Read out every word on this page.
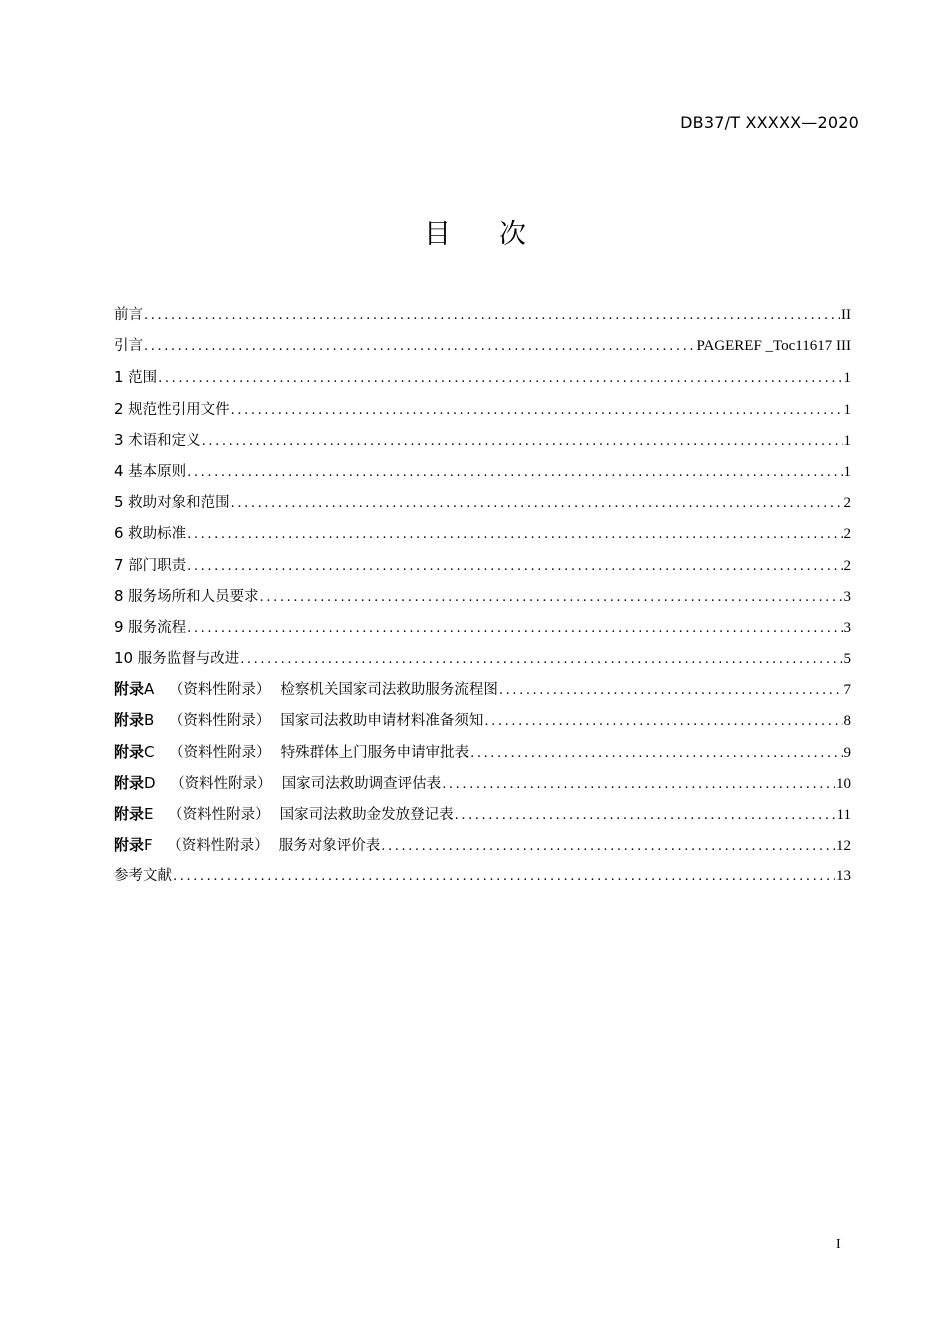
DB37/T XXXXX—2020
目 次
前言 .....	II
引言 .....	PAGEREF _Toc11617 III
1 范围 .....	1
2 规范性引用文件 .....	1
3 术语和定义 .....	1
4 基本原则 .....	1
5 救助对象和范围 .....	2
6 救助标准 .....	2
7 部门职责 .....	2
8 服务场所和人员要求 .....	3
9 服务流程 .....	3
10 服务监督与改进 .....	5
附录A （资料性附录） 检察机关国家司法救助服务流程图 .....	7
附录B （资料性附录） 国家司法救助申请材料准备须知 .....	8
附录C （资料性附录） 特殊群体上门服务申请审批表 .....	9
附录D （资料性附录） 国家司法救助调查评估表 .....	10
附录E （资料性附录） 国家司法救助金发放登记表 .....	11
附录F （资料性附录） 服务对象评价表 .....	12
参考文献 .....	13
I
